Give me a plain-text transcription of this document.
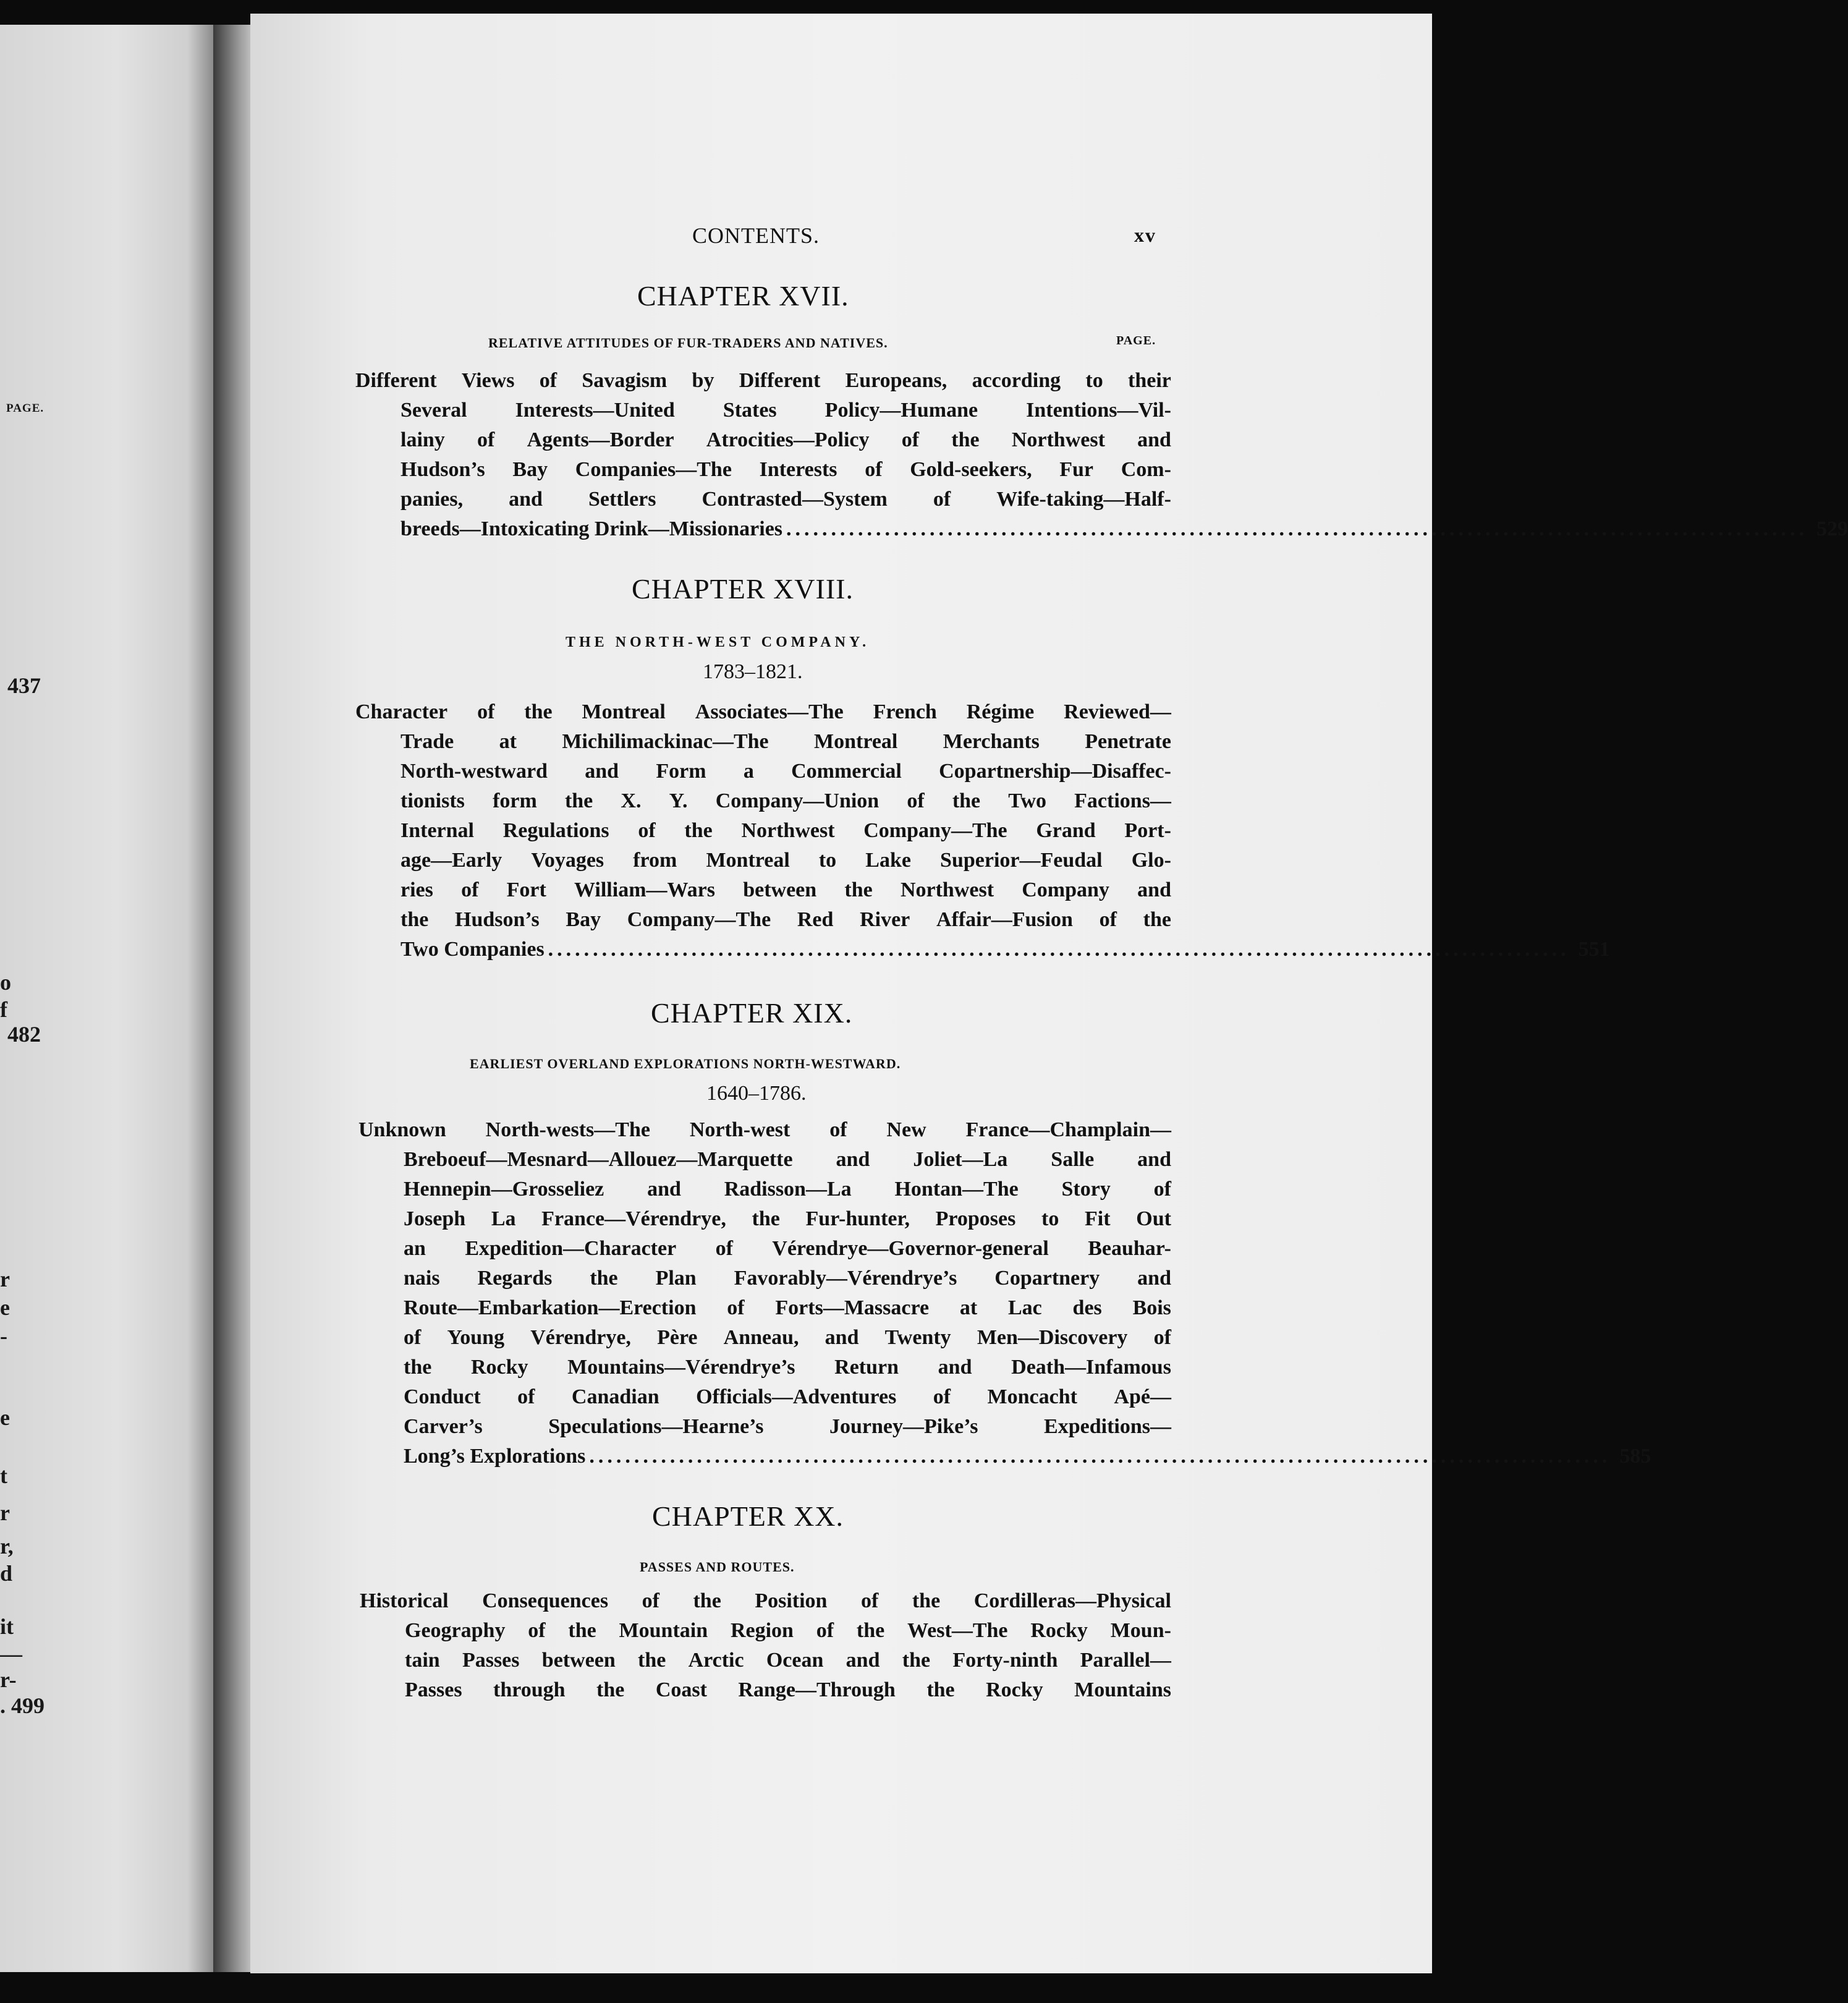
PAGE.
437
482
. 499
o
f
r
e
-
e
t
r
r,
d
it
—
r-
CONTENTS.	xv
CHAPTER XVII.
RELATIVE ATTITUDES OF FUR-TRADERS AND NATIVES.	PAGE.
Different Views of Savagism by Different Europeans, according to their
Several Interests—United States Policy—Humane Intentions—Vil-
lainy of Agents—Border Atrocities—Policy of the Northwest and
Hudson’s Bay Companies—The Interests of Gold-seekers, Fur Com-
panies, and Settlers Contrasted—System of Wife-taking—Half-
breeds—Intoxicating Drink—Missionaries .................................................................................................................. 529
CHAPTER XVIII.
THE NORTH-WEST COMPANY.
1783–1821.
Character of the Montreal Associates—The French Régime Reviewed—
Trade at Michilimackinac—The Montreal Merchants Penetrate
North-westward and Form a Commercial Copartnership—Disaffec-
tionists form the X. Y. Company—Union of the Two Factions—
Internal Regulations of the Northwest Company—The Grand Port-
age—Early Voyages from Montreal to Lake Superior—Feudal Glo-
ries of Fort William—Wars between the Northwest Company and
the Hudson’s Bay Company—The Red River Affair—Fusion of the
Two Companies .................................................................................................................. 551
CHAPTER XIX.
EARLIEST OVERLAND EXPLORATIONS NORTH-WESTWARD.
1640–1786.
Unknown North-wests—The North-west of New France—Champlain—
Breboeuf—Mesnard—Allouez—Marquette and Joliet—La Salle and
Hennepin—Grosseliez and Radisson—La Hontan—The Story of
Joseph La France—Vérendrye, the Fur-hunter, Proposes to Fit Out
an Expedition—Character of Vérendrye—Governor-general Beauhar-
nais Regards the Plan Favorably—Vérendrye’s Copartnery and
Route—Embarkation—Erection of Forts—Massacre at Lac des Bois
of Young Vérendrye, Père Anneau, and Twenty Men—Discovery of
the Rocky Mountains—Vérendrye’s Return and Death—Infamous
Conduct of Canadian Officials—Adventures of Moncacht Apé—
Carver’s	Speculations—Hearne’s	Journey—Pike’s	Expeditions—
Long’s Explorations .................................................................................................................. 585
CHAPTER XX.
PASSES AND ROUTES.
Historical Consequences of the Position of the Cordilleras—Physical
Geography of the Mountain Region of the West—The Rocky Moun-
tain Passes between the Arctic Ocean and the Forty-ninth Parallel—
Passes through the Coast Range—Through the Rocky Mountains
